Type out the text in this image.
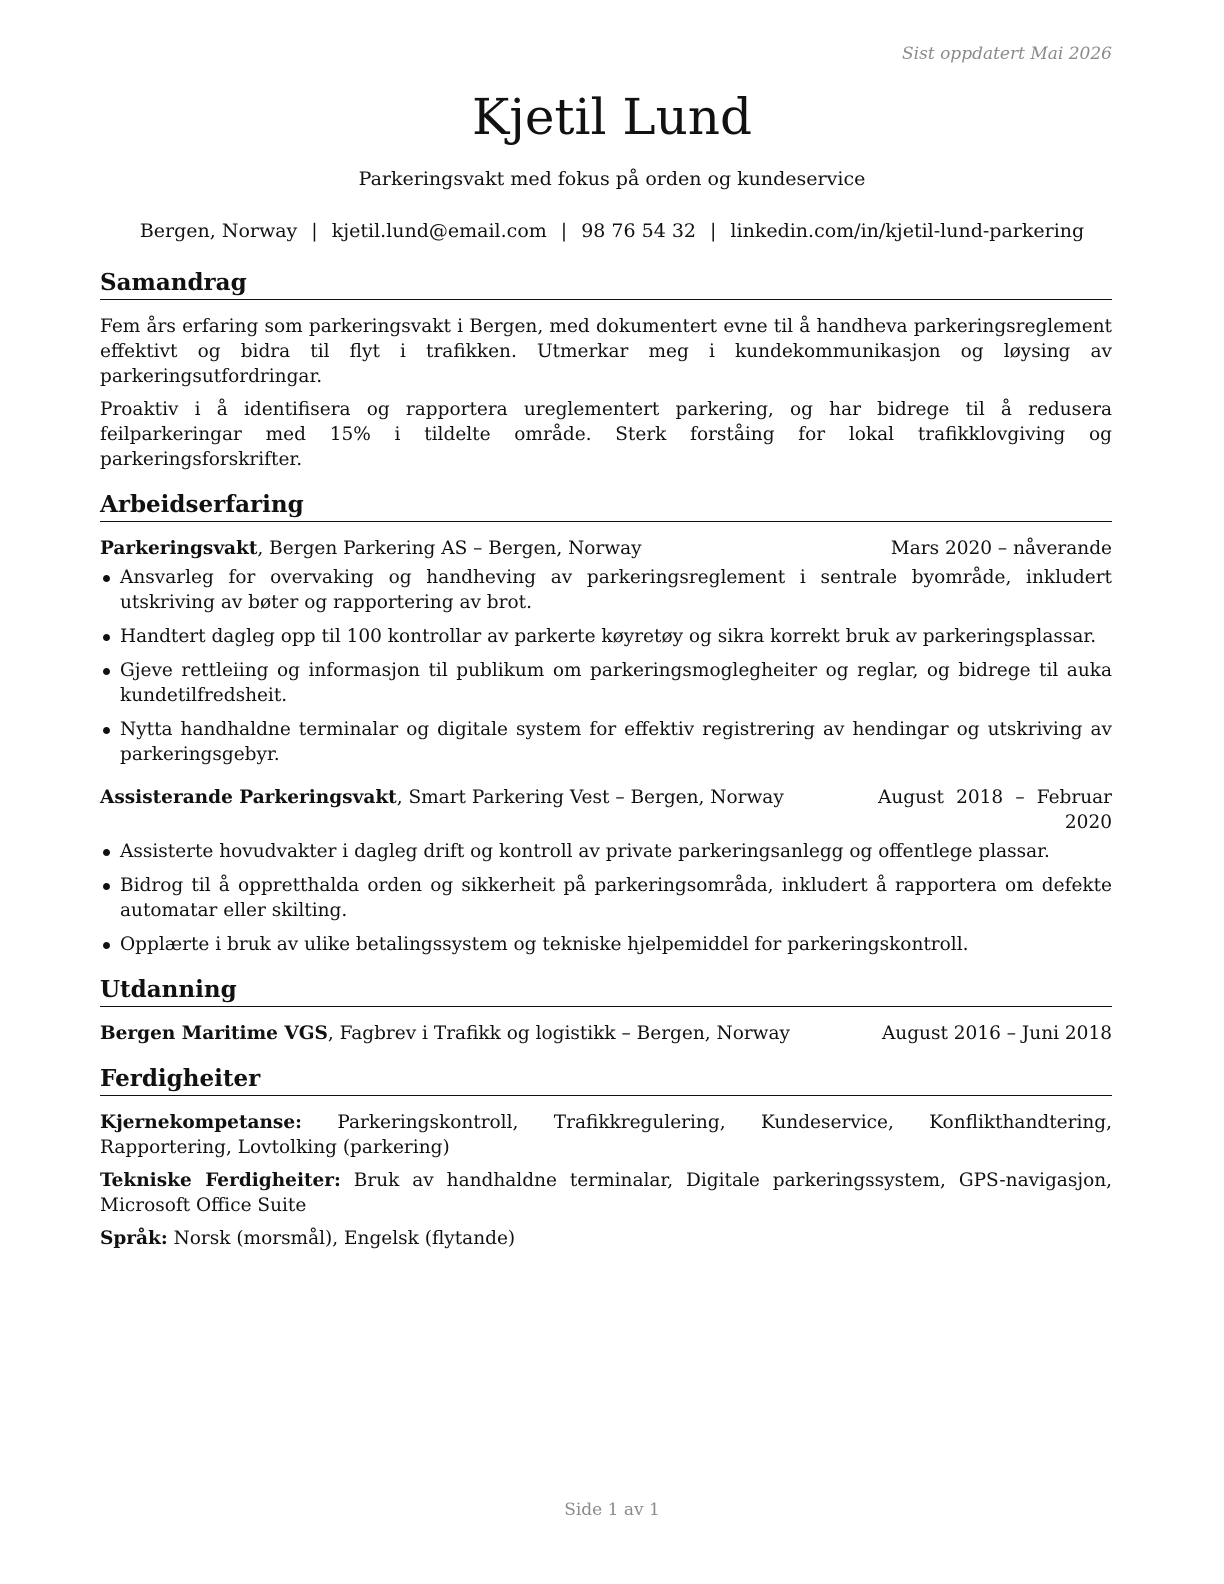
Sist oppdatert Mai 2026
Kjetil Lund

Parkeringsvakt med fokus på orden og kundeservice

Bergen, Norway | kjetil.lund@email.com | 98 76 54 32 | linkedin.com/in/kjetil-lund-parkering
Samandrag

Fem års erfaring som parkeringsvakt i Bergen, med dokumentert evne til å handheva parkeringsreglement effektivt og bidra til flyt i trafikken. Utmerkar meg i kundekommunikasjon og løysing av parkeringsutfordringar.

Proaktiv i å identifisera og rapportera ureglementert parkering, og har bidrege til å redusera feilparkeringar med 15% i tildelte område. Sterk forståing for lokal trafikklovgiving og parkeringsforskrifter.

Arbeidserfaring
Parkeringsvakt, Bergen Parkering AS – Bergen, Norway	Mars 2020 – nåverande
Ansvarleg for overvaking og handheving av parkeringsreglement i sentrale byområde, inkludert utskriving av bøter og rapportering av brot.
Handtert dagleg opp til 100 kontrollar av parkerte køyretøy og sikra korrekt bruk av parkeringsplassar.
Gjeve rettleiing og informasjon til publikum om parkeringsmoglegheiter og reglar, og bidrege til auka kundetilfredsheit.
Nytta handhaldne terminalar og digitale system for effektiv registrering av hendingar og utskriving av parkeringsgebyr.
Assisterande Parkeringsvakt, Smart Parkering Vest – Bergen, Norway	August 2018 – Februar 2020
Assisterte hovudvakter i dagleg drift og kontroll av private parkeringsanlegg og offentlege plassar.
Bidrog til å oppretthalda orden og sikkerheit på parkeringsområda, inkludert å rapportera om defekte automatar eller skilting.
Opplærte i bruk av ulike betalingssystem og tekniske hjelpemiddel for parkeringskontroll.
Utdanning
Bergen Maritime VGS, Fagbrev i Trafikk og logistikk – Bergen, Norway	August 2016 – Juni 2018
Ferdigheiter

Kjernekompetanse: Parkeringskontroll, Trafikkregulering, Kundeservice, Konflikthandtering, Rapportering, Lovtolking (parkering)

Tekniske Ferdigheiter: Bruk av handhaldne terminalar, Digitale parkeringssystem, GPS-navigasjon, Microsoft Office Suite

Språk: Norsk (morsmål), Engelsk (flytande)

Side 1 av 1
